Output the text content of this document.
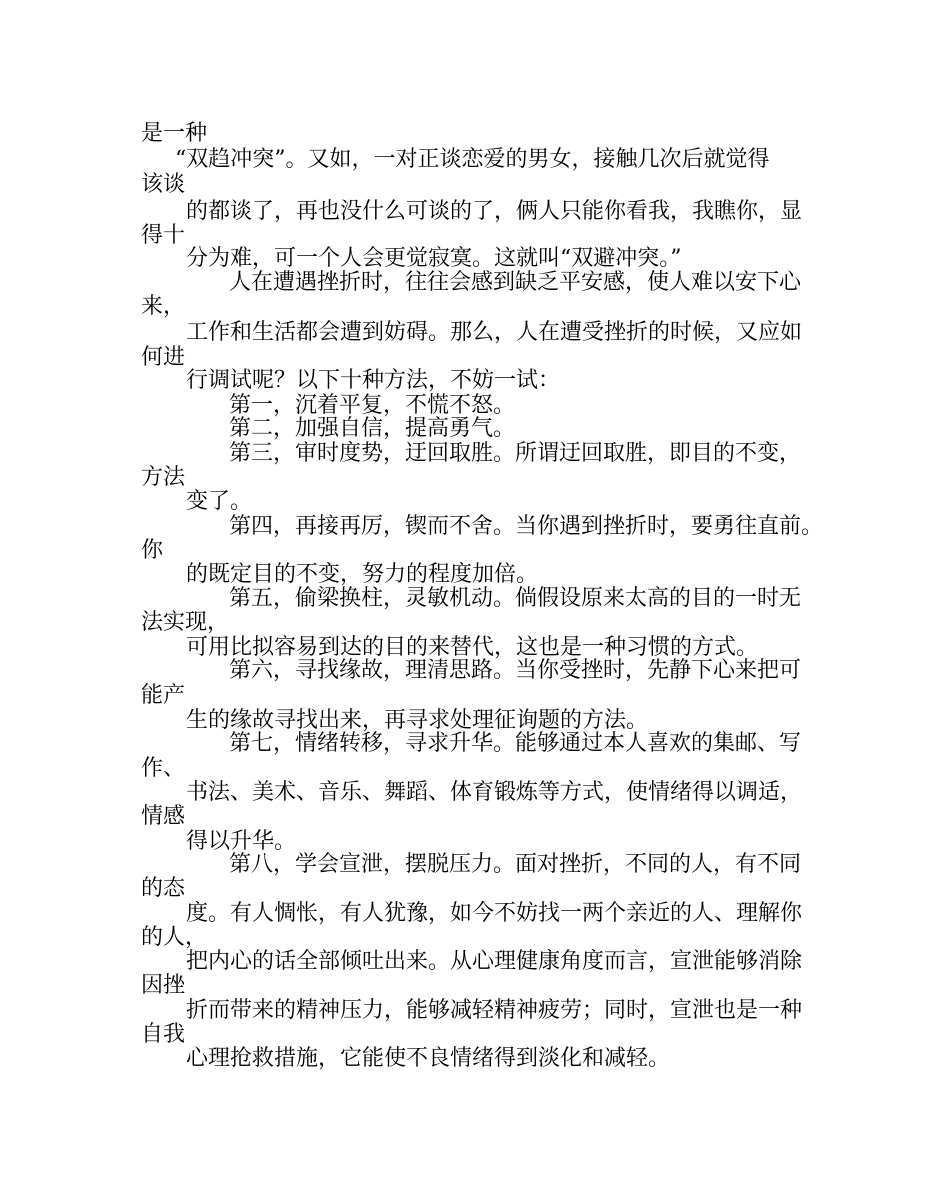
是一种
“双趋冲突”。又如，一对正谈恋爱的男女，接触几次后就觉得
该谈
的都谈了，再也没什么可谈的了，俩人只能你看我，我瞧你，显
得十
分为难，可一个人会更觉寂寞。这就叫“双避冲突。”
人在遭遇挫折时，往往会感到缺乏平安感，使人难以安下心
来，
工作和生活都会遭到妨碍。那么，人在遭受挫折的时候，又应如
何进
行调试呢？以下十种方法，不妨一试：
第一，沉着平复，不慌不怒。
第二，加强自信，提高勇气。
第三，审时度势，迂回取胜。所谓迂回取胜，即目的不变，
方法
变了。
第四，再接再厉，锲而不舍。当你遇到挫折时，要勇往直前。
你
的既定目的不变，努力的程度加倍。
第五，偷梁换柱，灵敏机动。倘假设原来太高的目的一时无
法实现，
可用比拟容易到达的目的来替代，这也是一种习惯的方式。
第六，寻找缘故，理清思路。当你受挫时，先静下心来把可
能产
生的缘故寻找出来，再寻求处理征询题的方法。
第七，情绪转移，寻求升华。能够通过本人喜欢的集邮、写
作、
书法、美术、音乐、舞蹈、体育锻炼等方式，使情绪得以调适，
情感
得以升华。
第八，学会宣泄，摆脱压力。面对挫折，不同的人，有不同
的态
度。有人惆怅，有人犹豫，如今不妨找一两个亲近的人、理解你
的人，
把内心的话全部倾吐出来。从心理健康角度而言，宣泄能够消除
因挫
折而带来的精神压力，能够减轻精神疲劳；同时，宣泄也是一种
自我
心理抢救措施，它能使不良情绪得到淡化和减轻。
